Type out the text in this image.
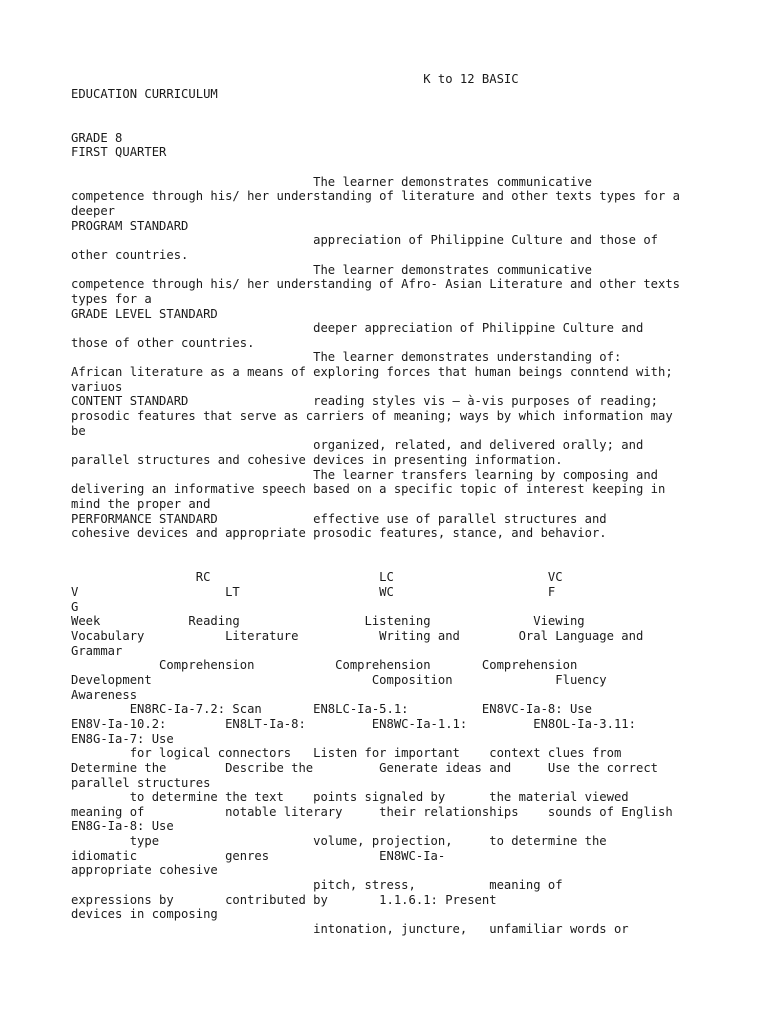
K to 12 BASIC
EDUCATION CURRICULUM
GRADE 8
FIRST QUARTER
The learner demonstrates communicative
competence through his/ her understanding of literature and other texts types for a
deeper
PROGRAM STANDARD
appreciation of Philippine Culture and those of
other countries.
The learner demonstrates communicative
competence through his/ her understanding of Afro- Asian Literature and other texts
types for a
GRADE LEVEL STANDARD
deeper appreciation of Philippine Culture and
those of other countries.
The learner demonstrates understanding of:
African literature as a means of exploring forces that human beings conntend with;
variuos
CONTENT STANDARD                 reading styles vis – à-vis purposes of reading;
prosodic features that serve as carriers of meaning; ways by which information may
be
organized, related, and delivered orally; and
parallel structures and cohesive devices in presenting information.
The learner transfers learning by composing and
delivering an informative speech based on a specific topic of interest keeping in
mind the proper and
PERFORMANCE STANDARD             effective use of parallel structures and
cohesive devices and appropriate prosodic features, stance, and behavior.
RC                       LC                     VC
V                    LT                   WC                     F
G
Week            Reading                 Listening              Viewing
Vocabulary           Literature           Writing and        Oral Language and
Grammar
Comprehension           Comprehension       Comprehension
Development                              Composition              Fluency
Awareness
EN8RC-Ia-7.2: Scan       EN8LC-Ia-5.1:          EN8VC-Ia-8: Use
EN8V-Ia-10.2:        EN8LT-Ia-8:         EN8WC-Ia-1.1:         EN8OL-Ia-3.11:
EN8G-Ia-7: Use
for logical connectors   Listen for important    context clues from
Determine the        Describe the         Generate ideas and     Use the correct
parallel structures
to determine the text    points signaled by      the material viewed
meaning of           notable literary     their relationships    sounds of English
EN8G-Ia-8: Use
type                     volume, projection,     to determine the
idiomatic            genres               EN8WC-Ia-
appropriate cohesive
pitch, stress,          meaning of
expressions by       contributed by       1.1.6.1: Present
devices in composing
intonation, juncture,   unfamiliar words or
